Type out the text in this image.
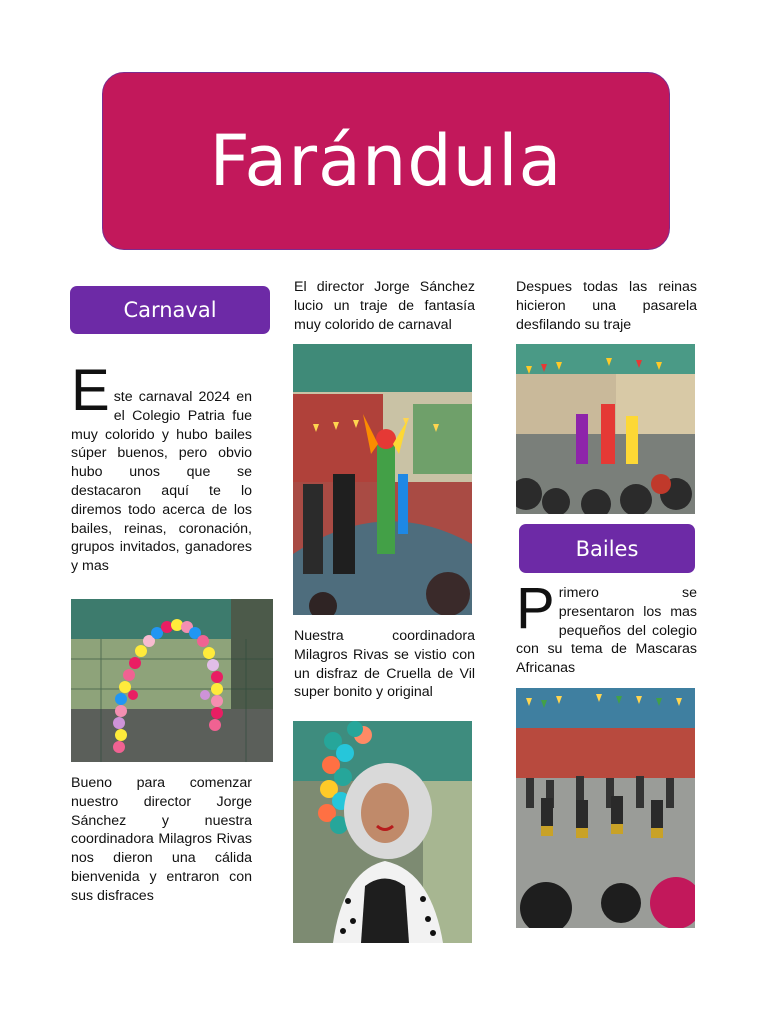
Farándula
Carnaval
Este carnaval 2024 en el Colegio Patria fue muy colorido y hubo bailes súper buenos, pero obvio hubo unos que se destacaron aquí te lo diremos todo acerca de los bailes, reinas, coronación, grupos invitados, ganadores y mas

Bueno para comenzar nuestro director Jorge Sánchez y nuestra coordinadora Milagros Rivas nos dieron una cálida bienvenida y entraron con sus disfraces

El director Jorge Sánchez lucio un traje de fantasía muy colorido de carnaval

Nuestra coordinadora Milagros Rivas se vistio con un disfraz de Cruella de Vil super bonito y original

Despues todas las reinas hicieron una pasarela desfilando su traje

Bailes
Primero se presentaron los mas pequeños del colegio con su tema de Mascaras Africanas
